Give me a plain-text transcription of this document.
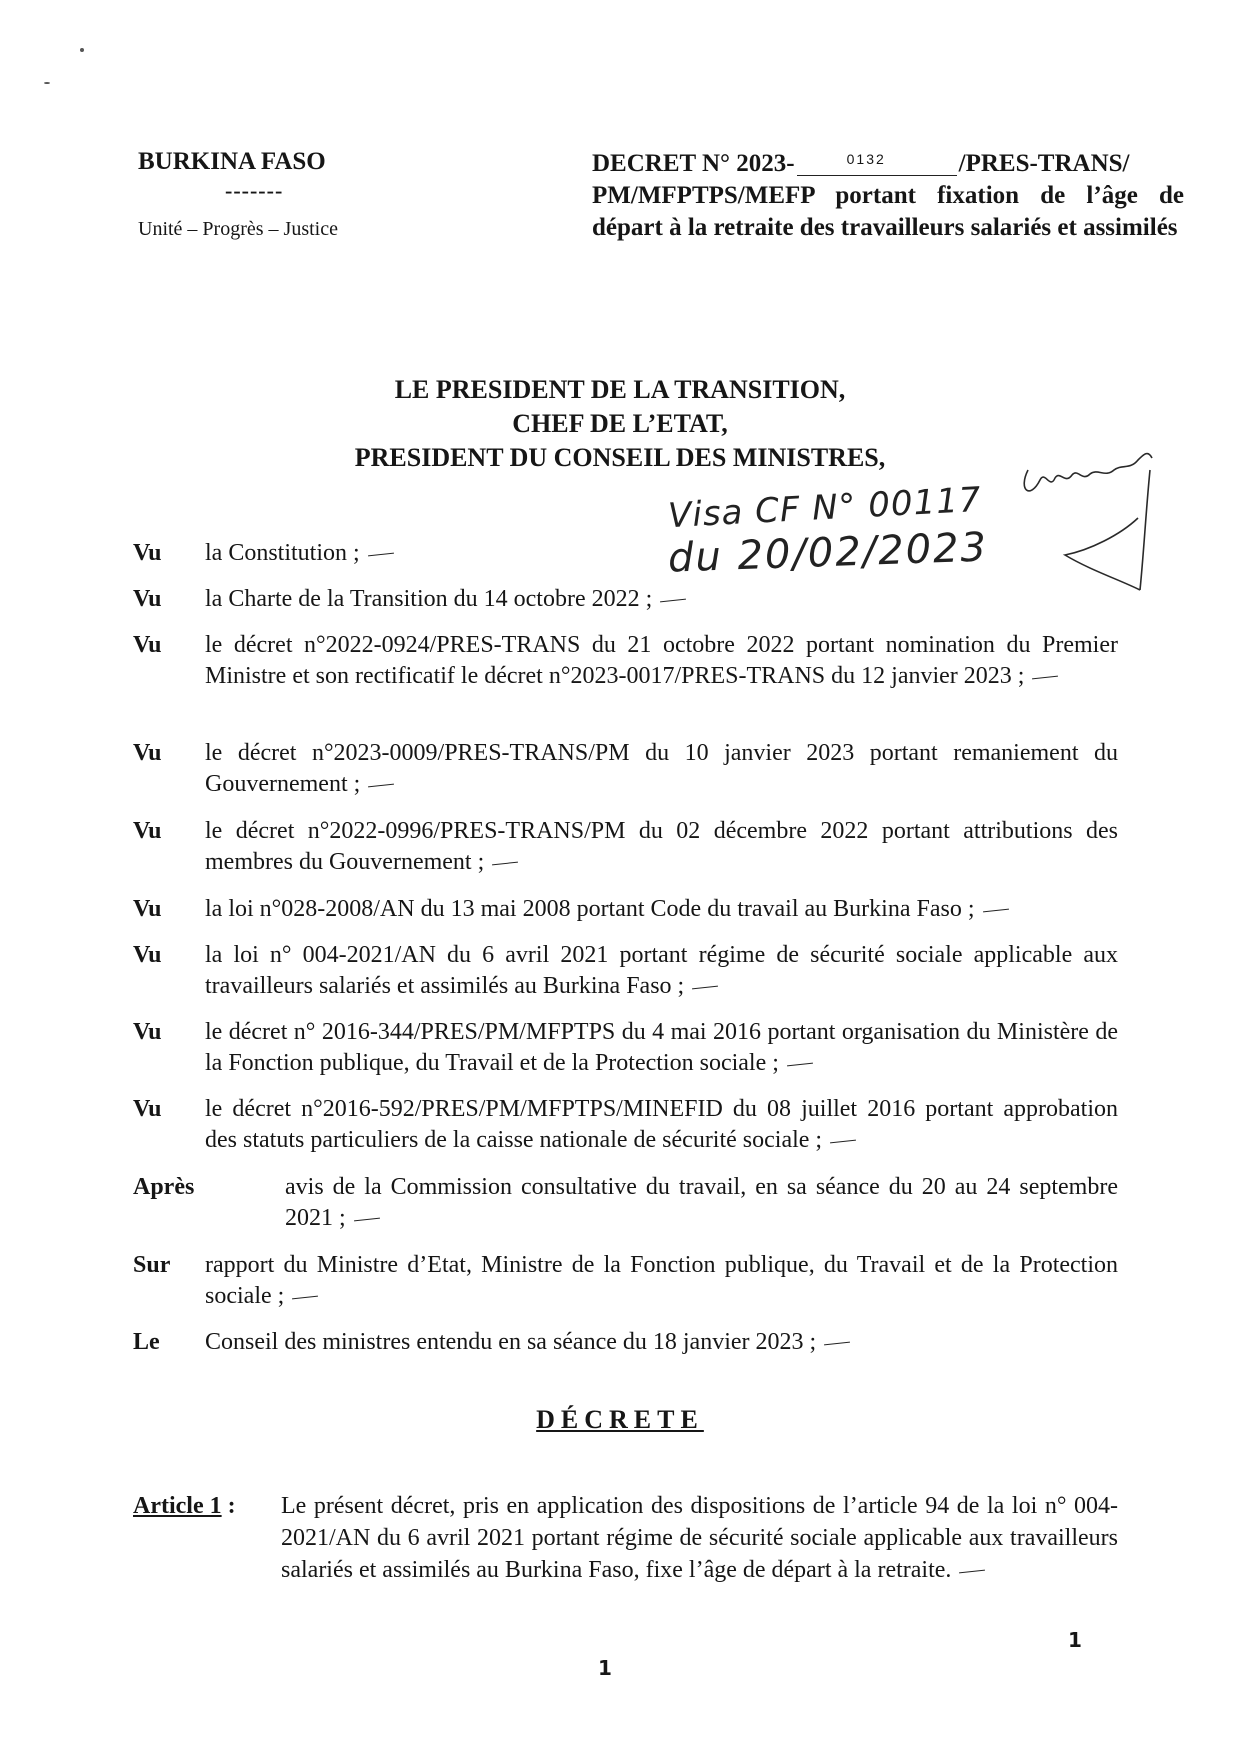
BURKINA FASO
-------
Unité – Progrès – Justice
DECRET N° 2023-	0132	/PRES-TRANS/
PM/MFPTPS/MEFP portant fixation de l’âge de départ à la retraite des travailleurs salariés et assimilés
LE PRESIDENT DE LA TRANSITION,
CHEF DE L’ETAT,
PRESIDENT DU CONSEIL DES MINISTRES,
Visa CF N° 00117
du 20/02/2023
Vu la Constitution ;
Vu la Charte de la Transition du 14 octobre 2022 ;
Vu le décret n°2022-0924/PRES-TRANS du 21 octobre 2022 portant nomination du Premier Ministre et son rectificatif le décret n°2023-0017/PRES-TRANS du 12 janvier 2023 ;
Vu le décret n°2023-0009/PRES-TRANS/PM du 10 janvier 2023 portant remaniement du Gouvernement ;
Vu le décret n°2022-0996/PRES-TRANS/PM du 02 décembre 2022 portant attributions des membres du Gouvernement ;
Vu la loi n°028-2008/AN du 13 mai 2008 portant Code du travail au Burkina Faso ;
Vu la loi n° 004-2021/AN du 6 avril 2021 portant régime de sécurité sociale applicable aux travailleurs salariés et assimilés au Burkina Faso ;
Vu le décret n° 2016-344/PRES/PM/MFPTPS du 4 mai 2016 portant organisation du Ministère de la Fonction publique, du Travail et de la Protection sociale ;
Vu le décret n°2016-592/PRES/PM/MFPTPS/MINEFID du 08 juillet 2016 portant approbation des statuts particuliers de la caisse nationale de sécurité sociale ;
Après	avis de la Commission consultative du travail, en sa séance du 20 au 24 septembre 2021 ;
Sur rapport du Ministre d’Etat, Ministre de la Fonction publique, du Travail et de la Protection sociale ;
Le Conseil des ministres entendu en sa séance du 18 janvier 2023 ;
DÉCRETE
Article 1 : Le présent décret, pris en application des dispositions de l’article 94 de la loi n° 004-2021/AN du 6 avril 2021 portant régime de sécurité sociale applicable aux travailleurs salariés et assimilés au Burkina Faso, fixe l’âge de départ à la retraite.
1
1
